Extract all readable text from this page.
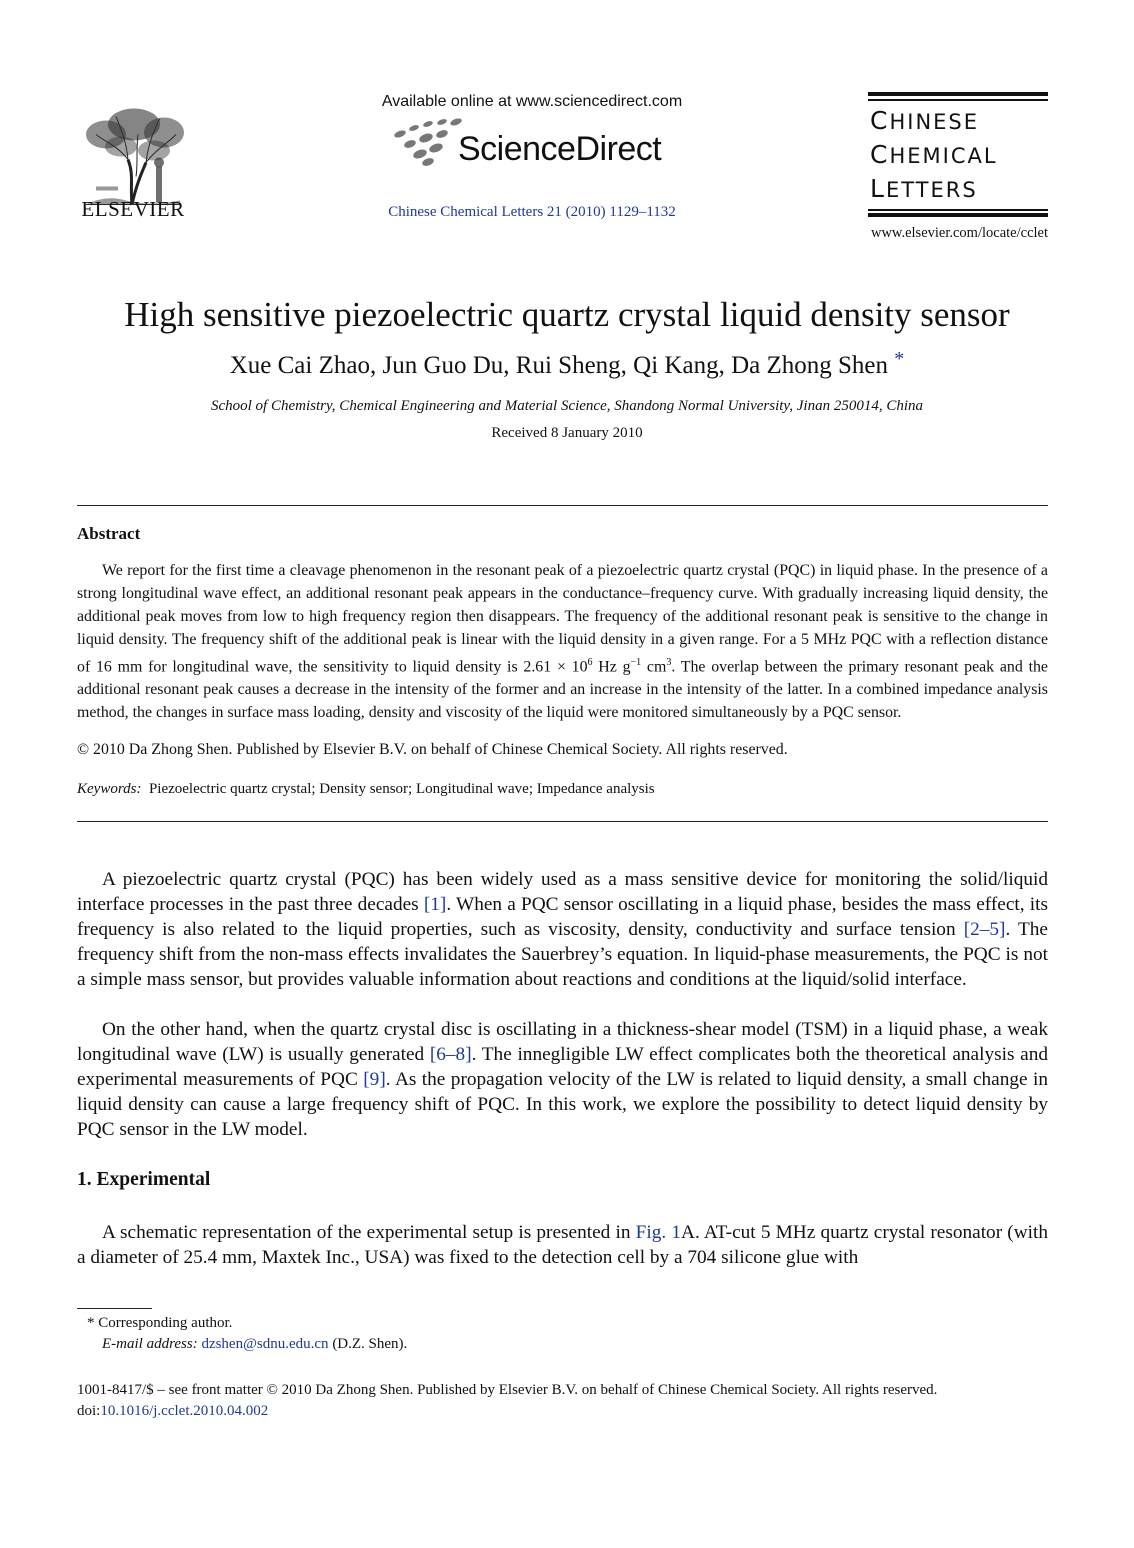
ELSEVIER
Available online at www.sciencedirect.com
ScienceDirect
Chinese Chemical Letters 21 (2010) 1129–1132
CHINESE
CHEMICAL
LETTERS
www.elsevier.com/locate/cclet
High sensitive piezoelectric quartz crystal liquid density sensor
Xue Cai Zhao, Jun Guo Du, Rui Sheng, Qi Kang, Da Zhong Shen *
School of Chemistry, Chemical Engineering and Material Science, Shandong Normal University, Jinan 250014, China
Received 8 January 2010
Abstract
We report for the first time a cleavage phenomenon in the resonant peak of a piezoelectric quartz crystal (PQC) in liquid phase. In the presence of a strong longitudinal wave effect, an additional resonant peak appears in the conductance–frequency curve. With gradually increasing liquid density, the additional peak moves from low to high frequency region then disappears. The frequency of the additional resonant peak is sensitive to the change in liquid density. The frequency shift of the additional peak is linear with the liquid density in a given range. For a 5 MHz PQC with a reflection distance of 16 mm for longitudinal wave, the sensitivity to liquid density is $2.61 \times 10^6$ Hz $g^{-1}$ $cm^3$. The overlap between the primary resonant peak and the additional resonant peak causes a decrease in the intensity of the former and an increase in the intensity of the latter. In a combined impedance analysis method, the changes in surface mass loading, density and viscosity of the liquid were monitored simultaneously by a PQC sensor.
© 2010 Da Zhong Shen. Published by Elsevier B.V. on behalf of Chinese Chemical Society. All rights reserved.
Keywords: Piezoelectric quartz crystal; Density sensor; Longitudinal wave; Impedance analysis
A piezoelectric quartz crystal (PQC) has been widely used as a mass sensitive device for monitoring the solid/liquid interface processes in the past three decades [1]. When a PQC sensor oscillating in a liquid phase, besides the mass effect, its frequency is also related to the liquid properties, such as viscosity, density, conductivity and surface tension [2–5]. The frequency shift from the non-mass effects invalidates the Sauerbrey’s equation. In liquid-phase measurements, the PQC is not a simple mass sensor, but provides valuable information about reactions and conditions at the liquid/solid interface.
On the other hand, when the quartz crystal disc is oscillating in a thickness-shear model (TSM) in a liquid phase, a weak longitudinal wave (LW) is usually generated [6–8]. The innegligible LW effect complicates both the theoretical analysis and experimental measurements of PQC [9]. As the propagation velocity of the LW is related to liquid density, a small change in liquid density can cause a large frequency shift of PQC. In this work, we explore the possibility to detect liquid density by PQC sensor in the LW model.
1. Experimental
A schematic representation of the experimental setup is presented in Fig. 1A. AT-cut 5 MHz quartz crystal resonator (with a diameter of 25.4 mm, Maxtek Inc., USA) was fixed to the detection cell by a 704 silicone glue with
* Corresponding author.
E-mail address: dzshen@sdnu.edu.cn (D.Z. Shen).
1001-8417/$ – see front matter © 2010 Da Zhong Shen. Published by Elsevier B.V. on behalf of Chinese Chemical Society. All rights reserved.
doi:10.1016/j.cclet.2010.04.002
